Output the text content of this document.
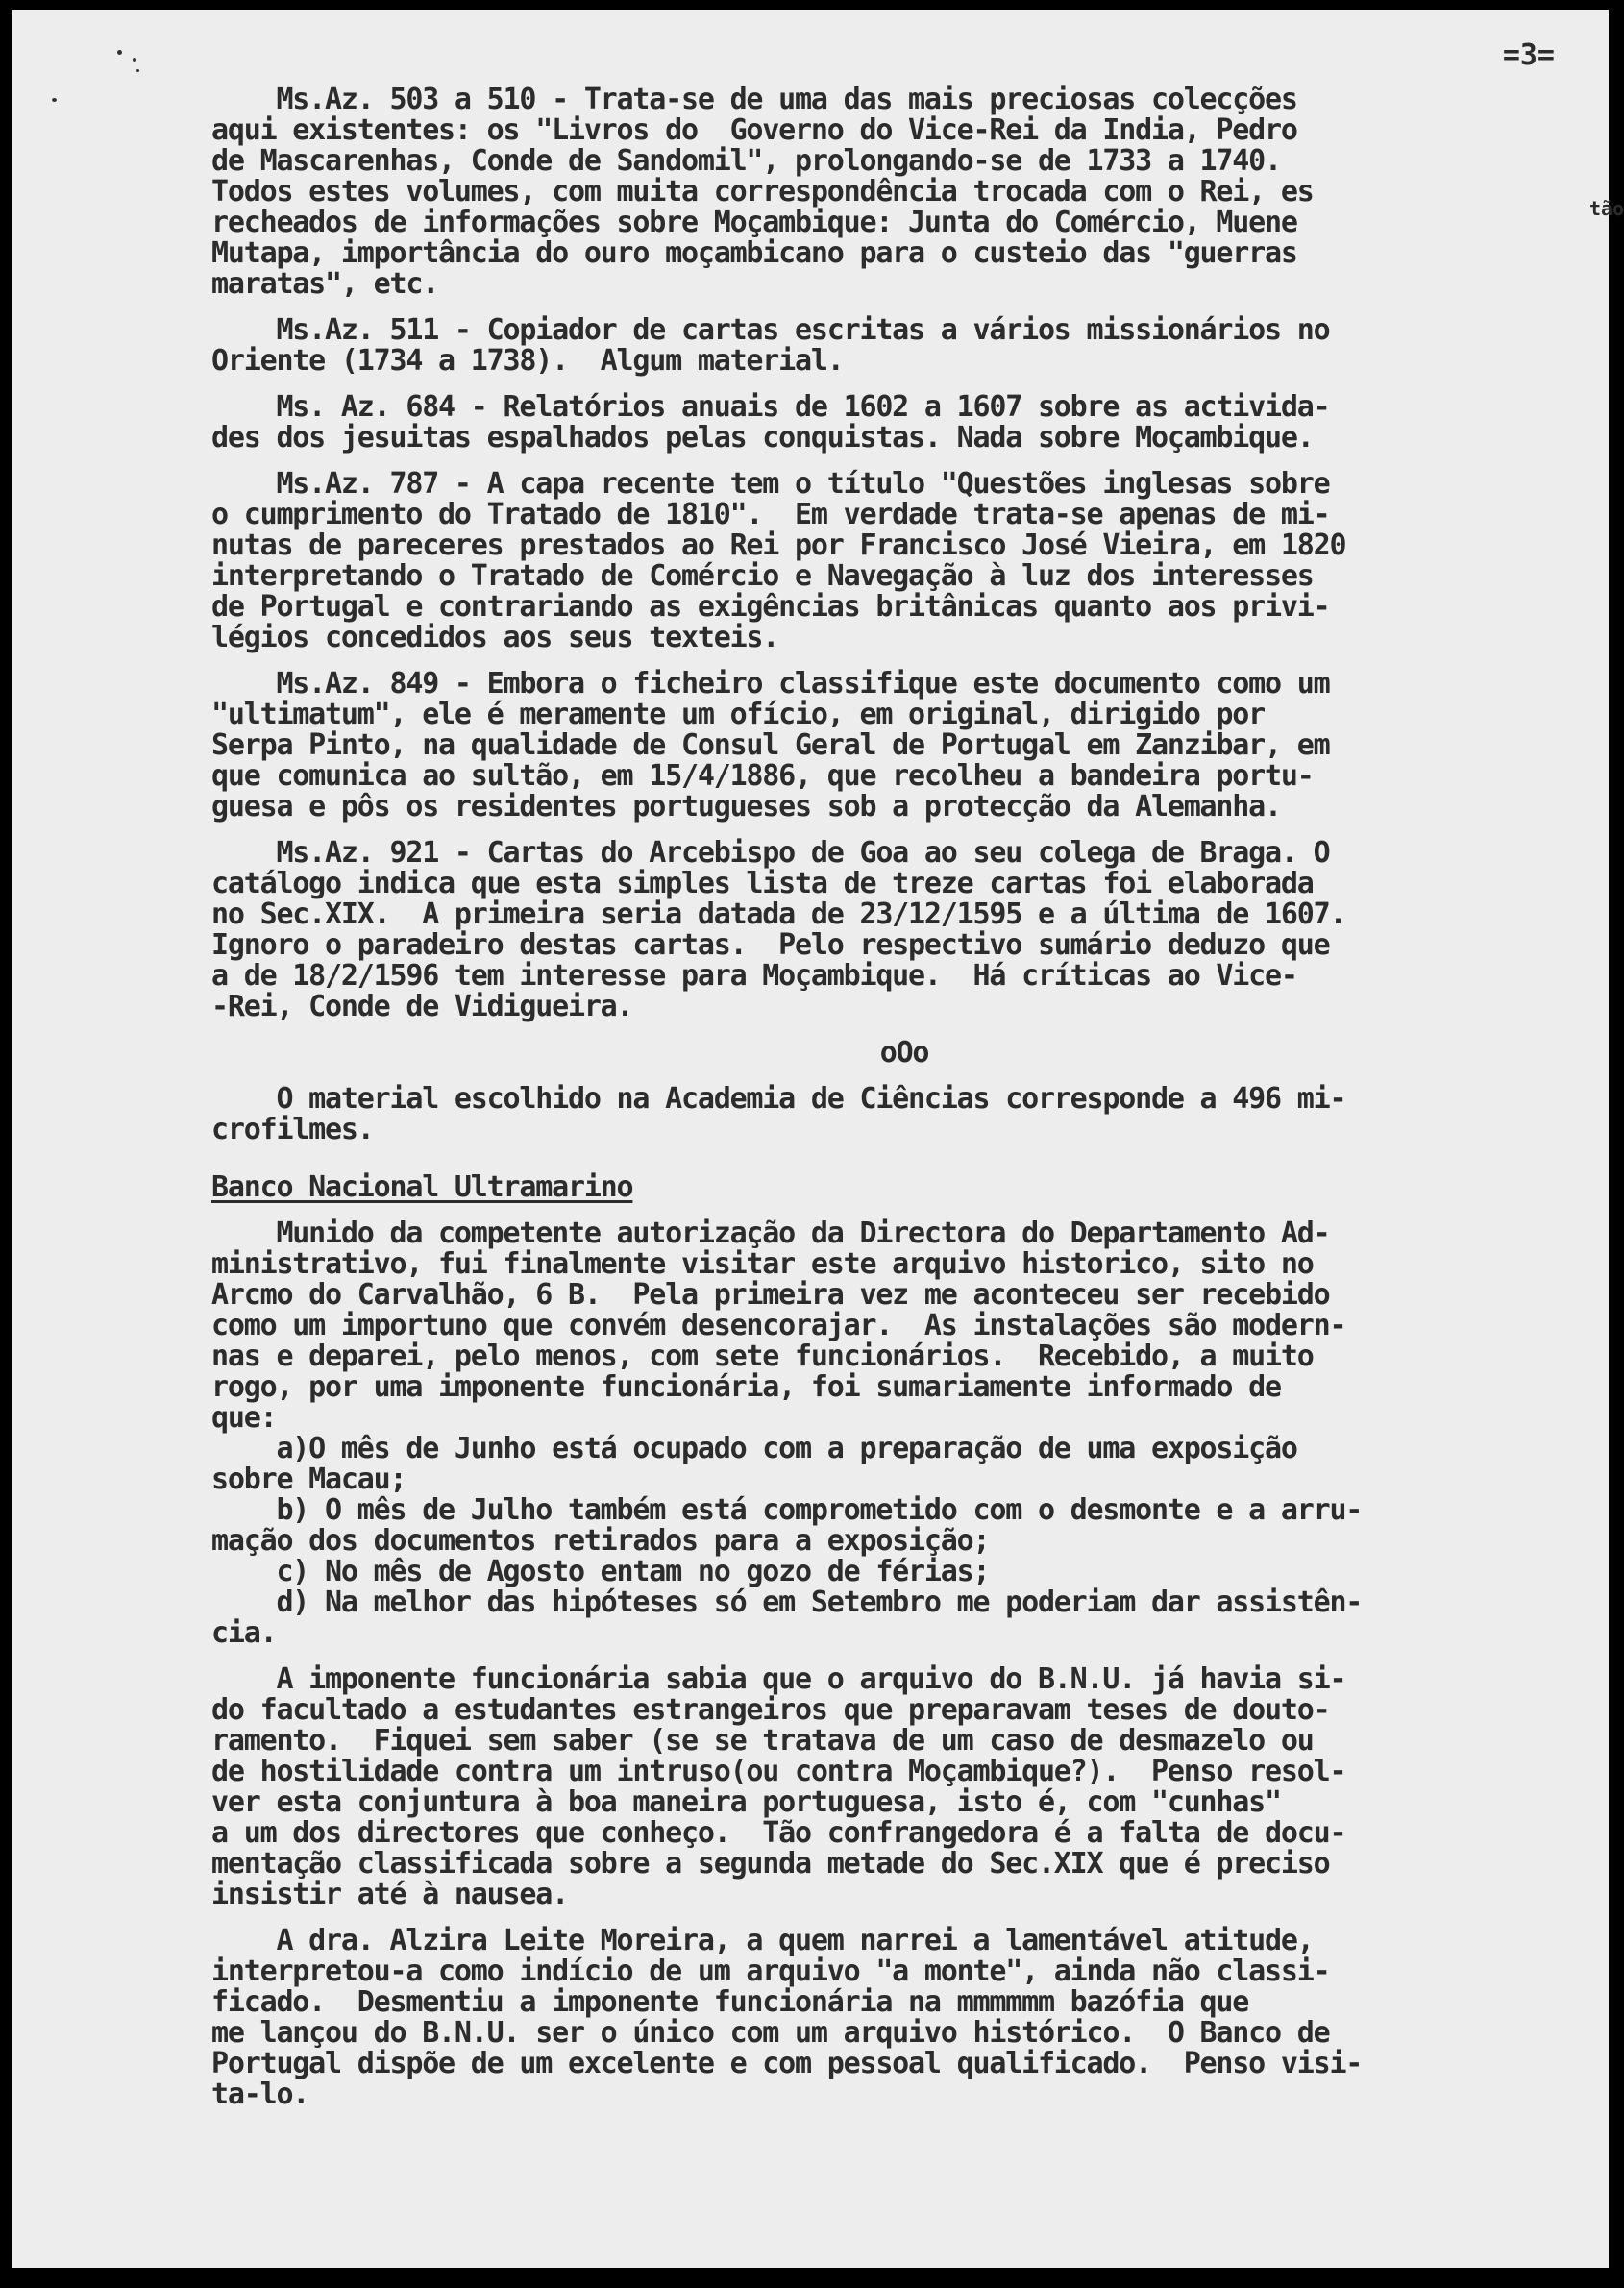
=3=
tão
Ms.Az. 503 a 510 - Trata-se de uma das mais preciosas colecções
aqui existentes: os "Livros do  Governo do Vice-Rei da India, Pedro
de Mascarenhas, Conde de Sandomil", prolongando-se de 1733 a 1740.
Todos estes volumes, com muita correspondência trocada com o Rei, es
recheados de informações sobre Moçambique: Junta do Comércio, Muene
Mutapa, importância do ouro moçambicano para o custeio das "guerras
maratas", etc.
Ms.Az. 511 - Copiador de cartas escritas a vários missionários no
Oriente (1734 a 1738).  Algum material.
Ms. Az. 684 - Relatórios anuais de 1602 a 1607 sobre as activida-
des dos jesuitas espalhados pelas conquistas. Nada sobre Moçambique.
Ms.Az. 787 - A capa recente tem o título "Questões inglesas sobre
o cumprimento do Tratado de 1810".  Em verdade trata-se apenas de mi-
nutas de pareceres prestados ao Rei por Francisco José Vieira, em 1820
interpretando o Tratado de Comércio e Navegação à luz dos interesses
de Portugal e contrariando as exigências britânicas quanto aos privi-
légios concedidos aos seus texteis.
Ms.Az. 849 - Embora o ficheiro classifique este documento como um
"ultimatum", ele é meramente um ofício, em original, dirigido por
Serpa Pinto, na qualidade de Consul Geral de Portugal em Zanzibar, em
que comunica ao sultão, em 15/4/1886, que recolheu a bandeira portu-
guesa e pôs os residentes portugueses sob a protecção da Alemanha.
Ms.Az. 921 - Cartas do Arcebispo de Goa ao seu colega de Braga. O
catálogo indica que esta simples lista de treze cartas foi elaborada
no Sec.XIX.  A primeira seria datada de 23/12/1595 e a última de 1607.
Ignoro o paradeiro destas cartas.  Pelo respectivo sumário deduzo que
a de 18/2/1596 tem interesse para Moçambique.  Há críticas ao Vice-
-Rei, Conde de Vidigueira.
oOo
O material escolhido na Academia de Ciências corresponde a 496 mi-
crofilmes.
Banco Nacional Ultramarino
Munido da competente autorização da Directora do Departamento Ad-
ministrativo, fui finalmente visitar este arquivo historico, sito no
Arcmo do Carvalhão, 6 B.  Pela primeira vez me aconteceu ser recebido
como um importuno que convém desencorajar.  As instalações são modern-
nas e deparei, pelo menos, com sete funcionários.  Recebido, a muito
rogo, por uma imponente funcionária, foi sumariamente informado de
que:
a)O mês de Junho está ocupado com a preparação de uma exposição
sobre Macau;
b) O mês de Julho também está comprometido com o desmonte e a arru-
mação dos documentos retirados para a exposição;
c) No mês de Agosto entam no gozo de férias;
d) Na melhor das hipóteses só em Setembro me poderiam dar assistên-
cia.
A imponente funcionária sabia que o arquivo do B.N.U. já havia si-
do facultado a estudantes estrangeiros que preparavam teses de douto-
ramento.  Fiquei sem saber (se se tratava de um caso de desmazelo ou
de hostilidade contra um intruso(ou contra Moçambique?).  Penso resol-
ver esta conjuntura à boa maneira portuguesa, isto é, com "cunhas"
a um dos directores que conheço.  Tão confrangedora é a falta de docu-
mentação classificada sobre a segunda metade do Sec.XIX que é preciso
insistir até à nausea.
A dra. Alzira Leite Moreira, a quem narrei a lamentável atitude,
interpretou-a como indício de um arquivo "a monte", ainda não classi-
ficado.  Desmentiu a imponente funcionária na mmmmmm bazófia que
me lançou do B.N.U. ser o único com um arquivo histórico.  O Banco de
Portugal dispõe de um excelente e com pessoal qualificado.  Penso visi-
ta-lo.
